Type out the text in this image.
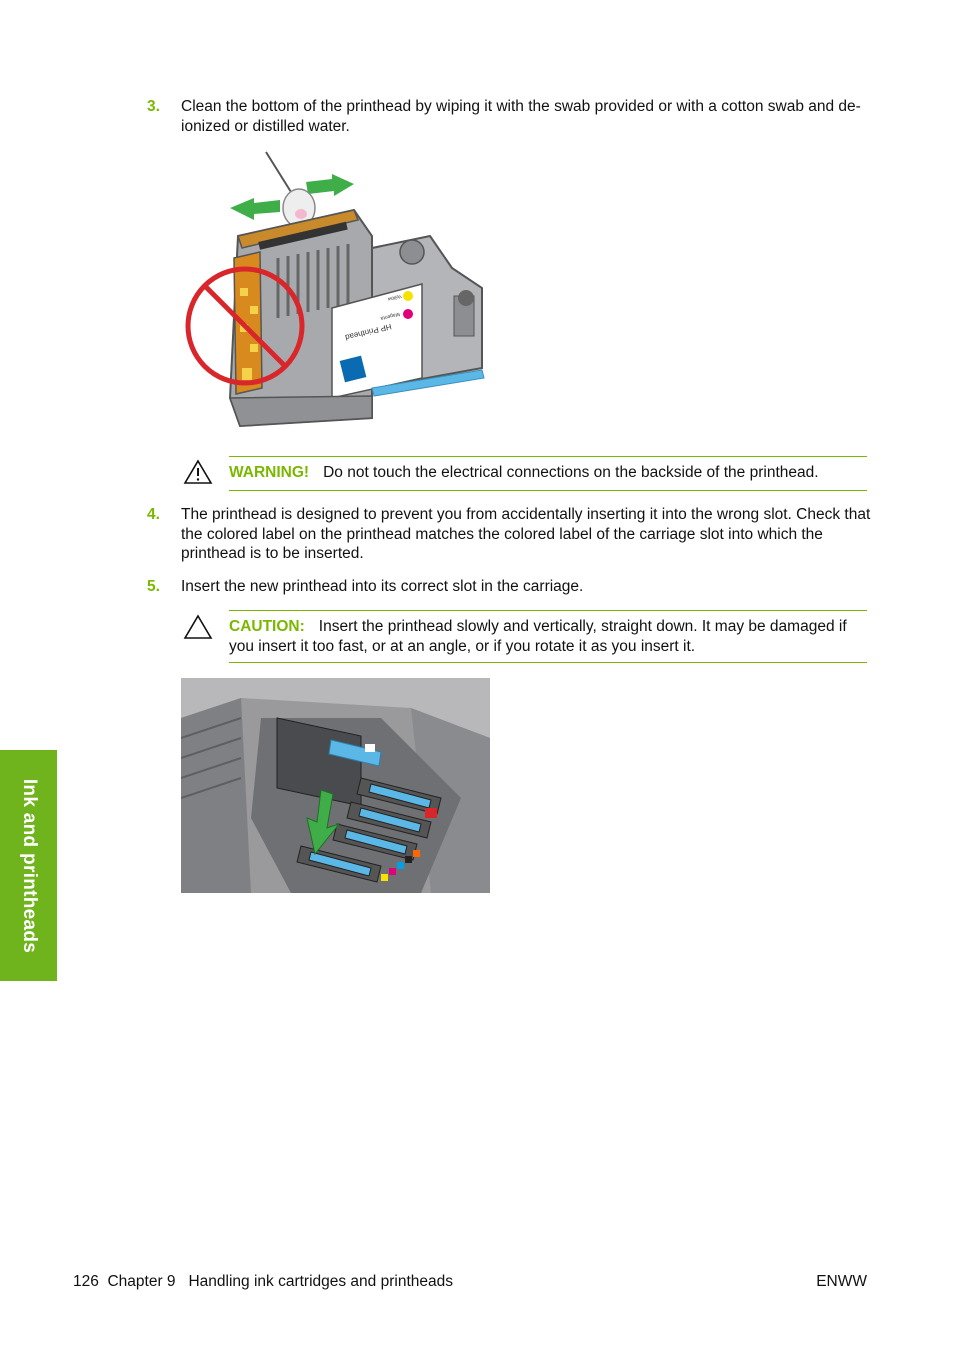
3. Clean the bottom of the printhead by wiping it with the swab provided or with a cotton swab and de-ionized or distilled water.
HP Printhead
Yellow
Magenta
WARNING! Do not touch the electrical connections on the backside of the printhead.
4. The printhead is designed to prevent you from accidentally inserting it into the wrong slot. Check that the colored label on the printhead matches the colored label of the carriage slot into which the printhead is to be inserted.
5. Insert the new printhead into its correct slot in the carriage.
CAUTION: Insert the printhead slowly and vertically, straight down. It may be damaged if you insert it too fast, or at an angle, or if you rotate it as you insert it.
Ink and printheads
126  Chapter 9   Handling ink cartridges and printheads	ENWW
